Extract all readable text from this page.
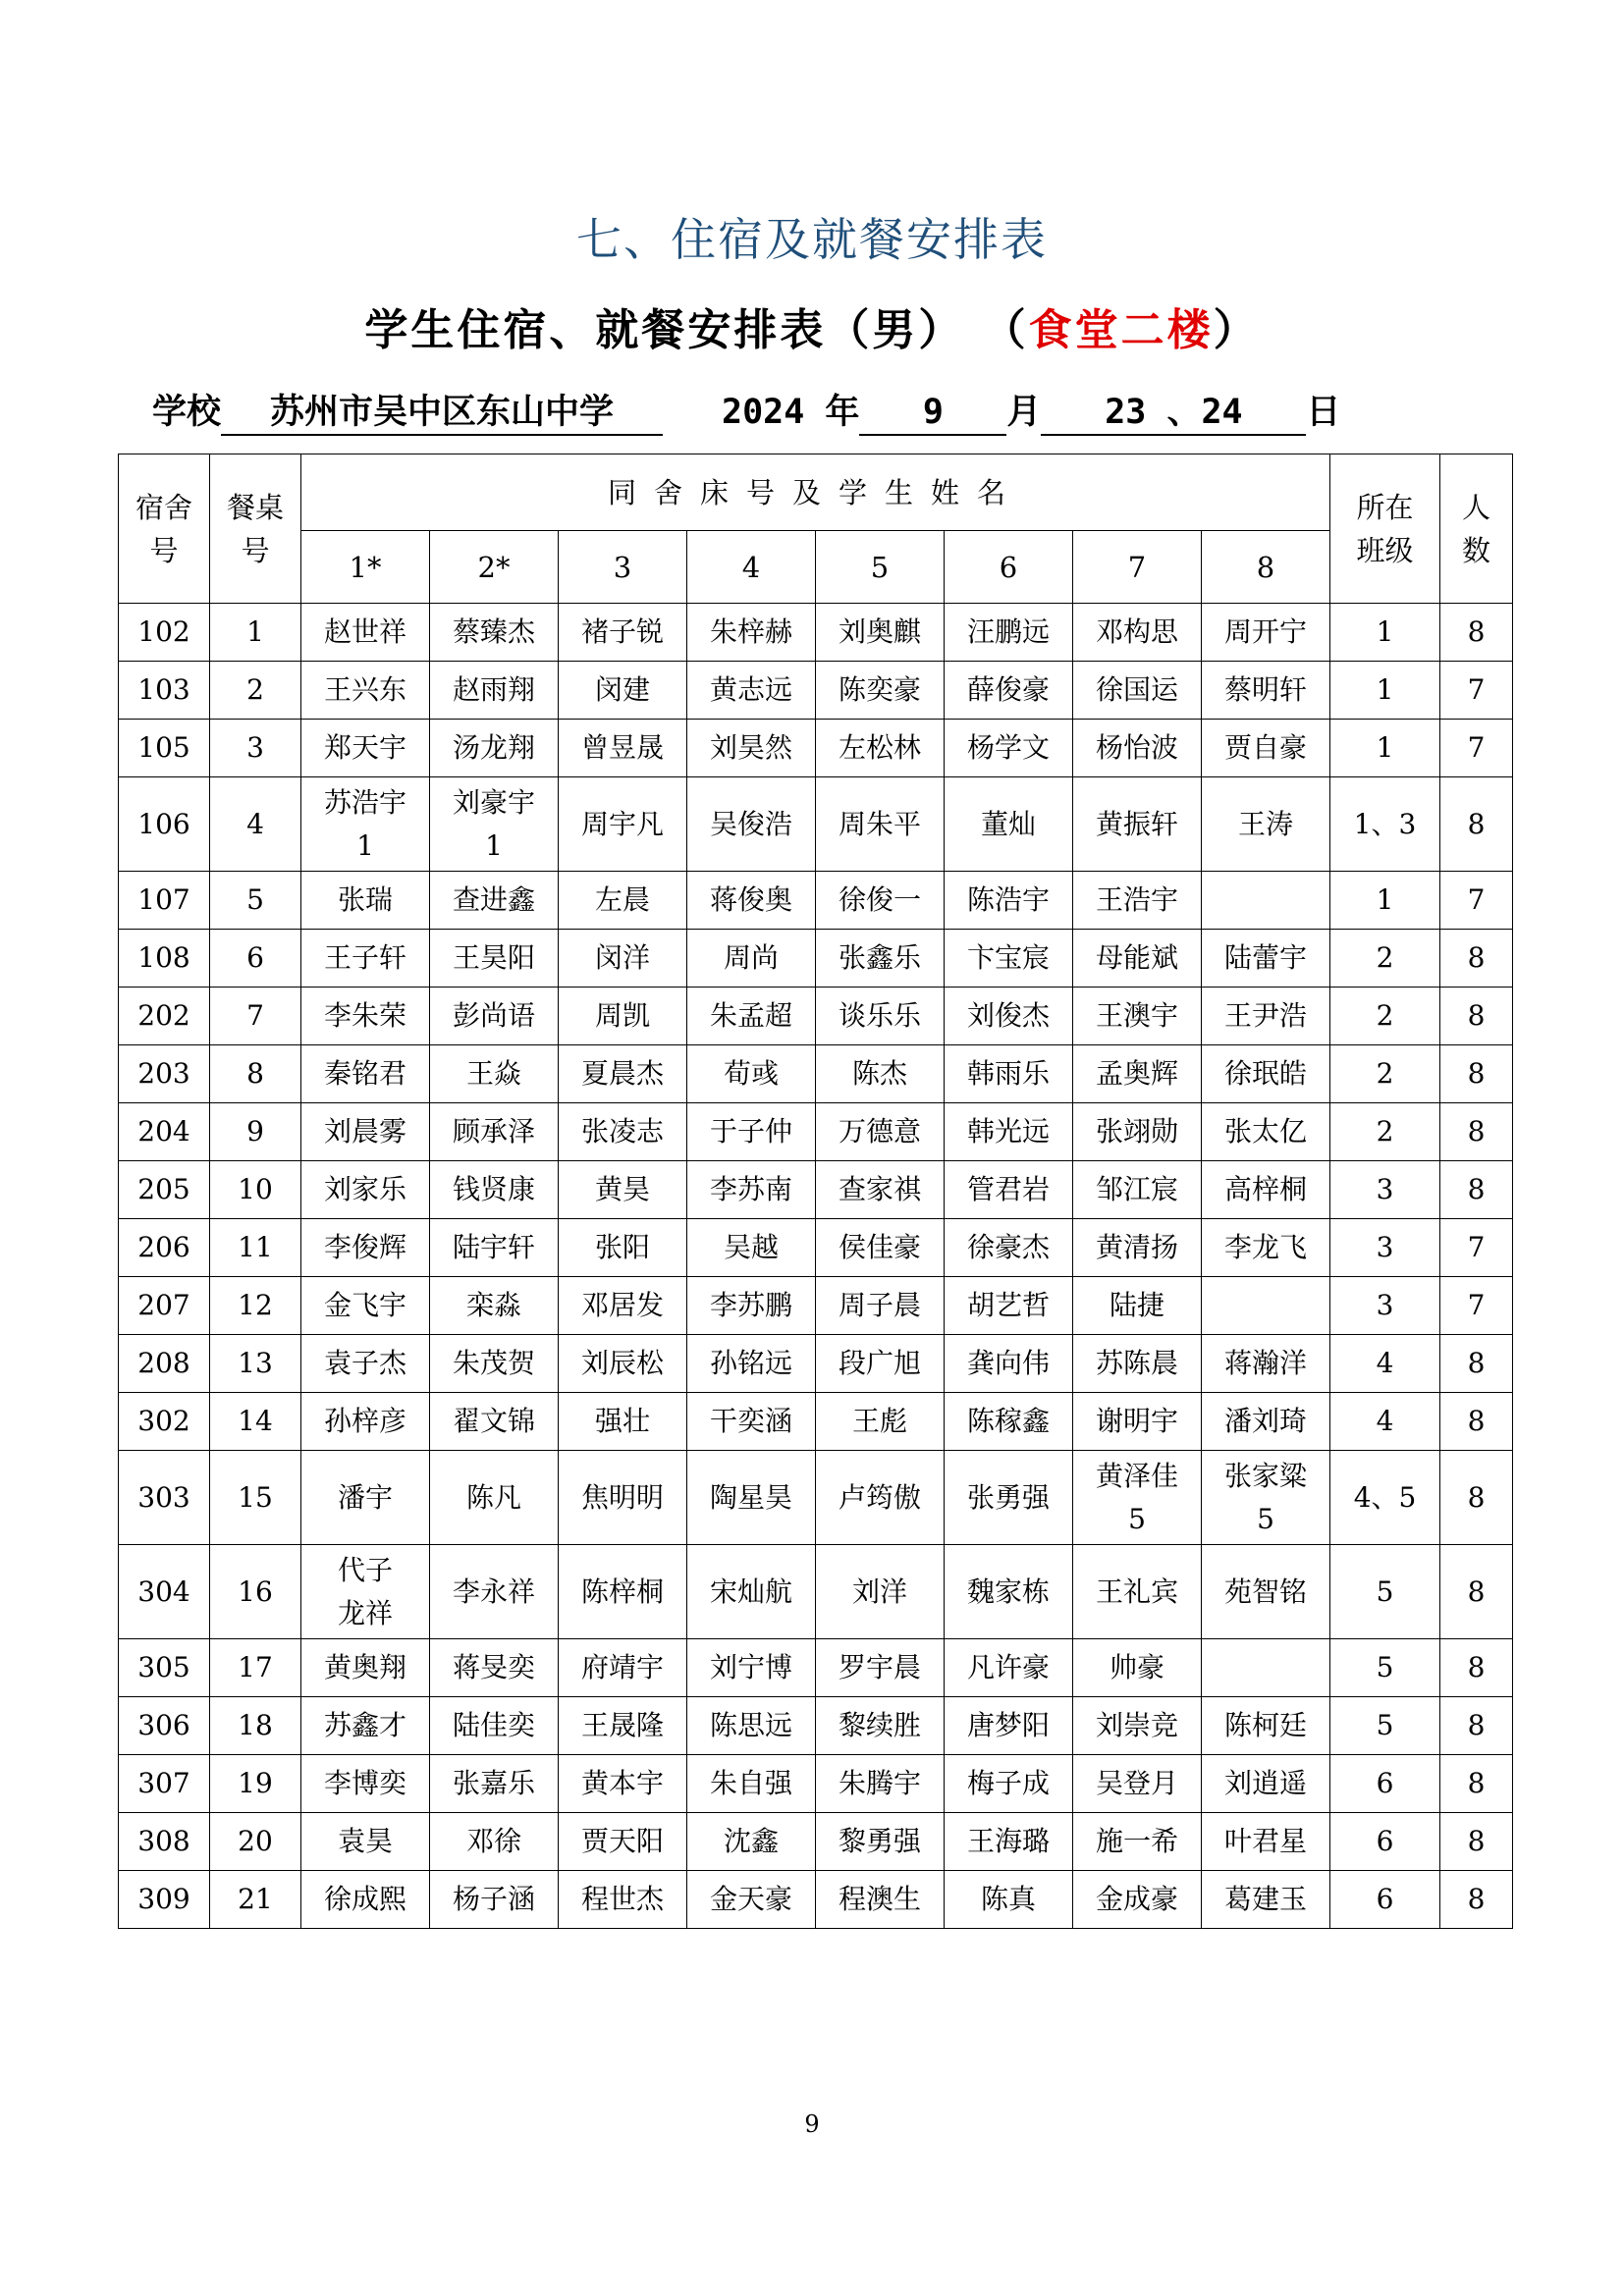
七、住宿及就餐安排表
学生住宿、就餐安排表（男） （食堂二楼）
学校 苏州市吴中区东山中学	2024 年 9 月 23 、24 日
宿舍
号	餐桌
号	同舍床号及学生姓名								所在
班级	人
数
		1*	2*	3	4	5	6	7	8		
102	1	赵世祥	蔡臻杰	褚子锐	朱梓赫	刘奥麒	汪鹏远	邓构思	周开宁	1	8
103	2	王兴东	赵雨翔	闵建	黄志远	陈奕豪	薛俊豪	徐国运	蔡明轩	1	7
105	3	郑天宇	汤龙翔	曾昱晟	刘昊然	左松林	杨学文	杨怡波	贾自豪	1	7
106	4	苏浩宇
1	刘豪宇
1	周宇凡	吴俊浩	周朱平	董灿	黄振轩	王涛	1、3	8
107	5	张瑞	查进鑫	左晨	蒋俊奥	徐俊一	陈浩宇	王浩宇		1	7
108	6	王子轩	王昊阳	闵洋	周尚	张鑫乐	卞宝宸	母能斌	陆蕾宇	2	8
202	7	李朱荣	彭尚语	周凯	朱孟超	谈乐乐	刘俊杰	王澳宇	王尹浩	2	8
203	8	秦铭君	王焱	夏晨杰	荀彧	陈杰	韩雨乐	孟奥辉	徐珉皓	2	8
204	9	刘晨雾	顾承泽	张凌志	于子仲	万德意	韩光远	张翊勋	张太亿	2	8
205	10	刘家乐	钱贤康	黄昊	李苏南	查家祺	管君岩	邹江宸	高梓桐	3	8
206	11	李俊辉	陆宇轩	张阳	吴越	侯佳豪	徐豪杰	黄清扬	李龙飞	3	7
207	12	金飞宇	栾淼	邓居发	李苏鹏	周子晨	胡艺哲	陆捷		3	7
208	13	袁子杰	朱茂贺	刘辰松	孙铭远	段广旭	龚向伟	苏陈晨	蒋瀚洋	4	8
302	14	孙梓彦	翟文锦	强壮	干奕涵	王彪	陈稼鑫	谢明宇	潘刘琦	4	8
303	15	潘宇	陈凡	焦明明	陶星昊	卢筠傲	张勇强	黄泽佳
5	张家粱
5	4、5	8
304	16	代子
龙祥	李永祥	陈梓桐	宋灿航	刘洋	魏家栋	王礼宾	苑智铭	5	8
305	17	黄奥翔	蒋旻奕	府靖宇	刘宁博	罗宇晨	凡许豪	帅豪		5	8
306	18	苏鑫才	陆佳奕	王晟隆	陈思远	黎续胜	唐梦阳	刘崇竞	陈柯廷	5	8
307	19	李博奕	张嘉乐	黄本宇	朱自强	朱腾宇	梅子成	吴登月	刘逍遥	6	8
308	20	袁昊	邓徐	贾天阳	沈鑫	黎勇强	王海璐	施一希	叶君星	6	8
309	21	徐成熙	杨子涵	程世杰	金天豪	程澳生	陈真	金成豪	葛建玉	6	8
9
